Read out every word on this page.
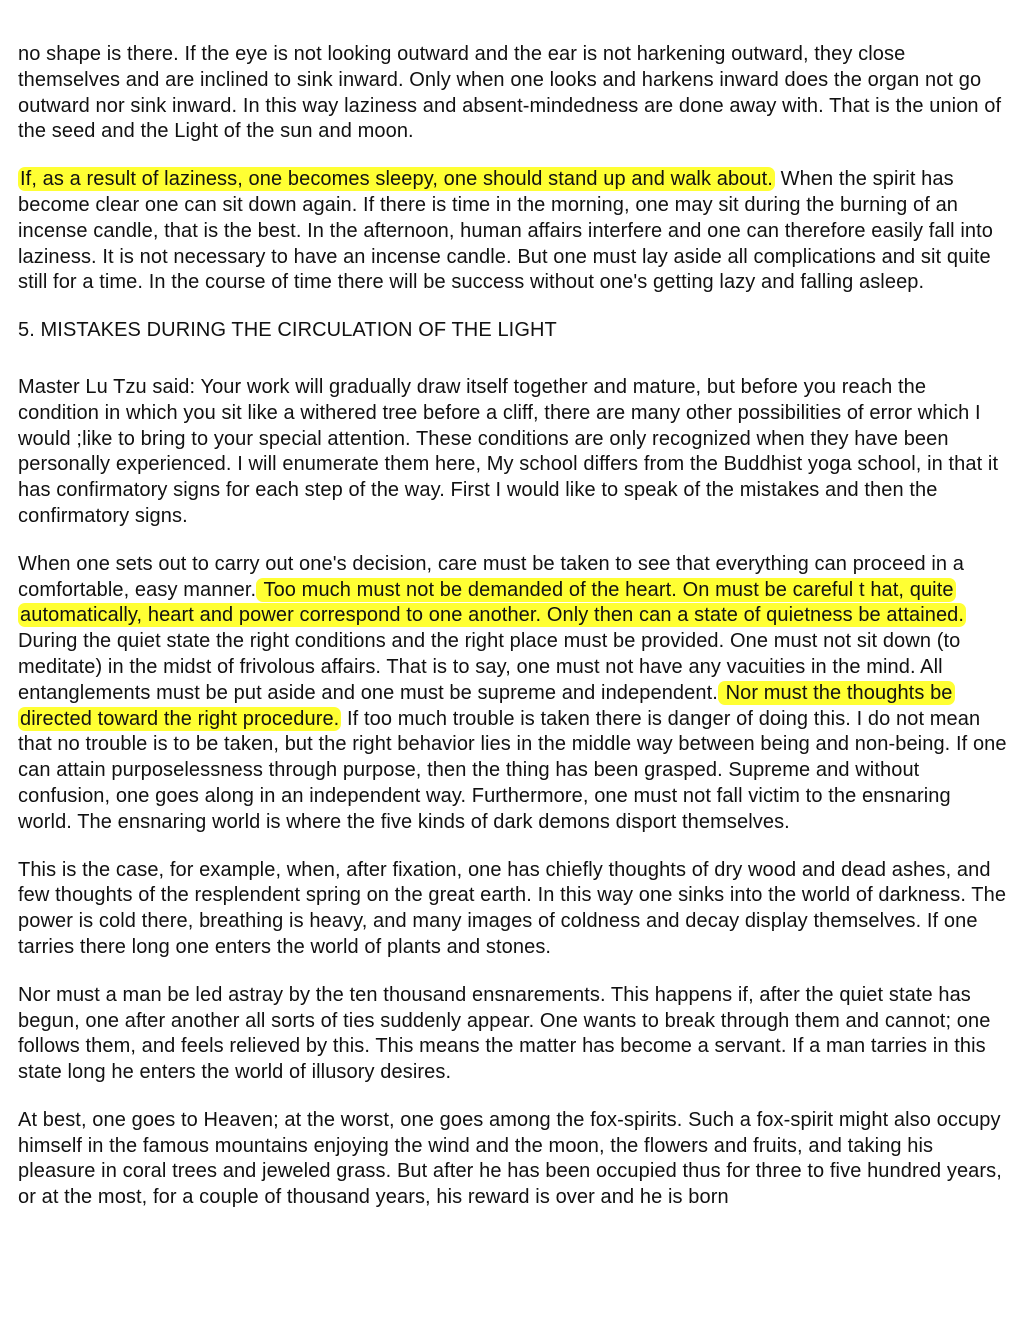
no shape is there. If the eye is not looking outward and the ear is not harkening outward, they close themselves and are inclined to sink inward. Only when one looks and harkens inward does the organ not go outward nor sink inward. In this way laziness and absent-mindedness are done away with. That is the union of the seed and the Light of the sun and moon.

If, as a result of laziness, one becomes sleepy, one should stand up and walk about. When the spirit has become clear one can sit down again. If there is time in the morning, one may sit during the burning of an incense candle, that is the best. In the afternoon, human affairs interfere and one can therefore easily fall into laziness. It is not necessary to have an incense candle. But one must lay aside all complications and sit quite still for a time. In the course of time there will be success without one's getting lazy and falling asleep.

5. MISTAKES DURING THE CIRCULATION OF THE LIGHT

Master Lu Tzu said: Your work will gradually draw itself together and mature, but before you reach the condition in which you sit like a withered tree before a cliff, there are many other possibilities of error which I would ;like to bring to your special attention. These conditions are only recognized when they have been personally experienced. I will enumerate them here, My school differs from the Buddhist yoga school, in that it has confirmatory signs for each step of the way. First I would like to speak of the mistakes and then the confirmatory signs.

When one sets out to carry out one's decision, care must be taken to see that everything can proceed in a comfortable, easy manner. Too much must not be demanded of the heart. On must be careful t hat, quite automatically, heart and power correspond to one another. Only then can a state of quietness be attained. During the quiet state the right conditions and the right place must be provided. One must not sit down (to meditate) in the midst of frivolous affairs. That is to say, one must not have any vacuities in the mind. All entanglements must be put aside and one must be supreme and independent. Nor must the thoughts be directed toward the right procedure. If too much trouble is taken there is danger of doing this. I do not mean that no trouble is to be taken, but the right behavior lies in the middle way between being and non-being. If one can attain purposelessness through purpose, then the thing has been grasped. Supreme and without confusion, one goes along in an independent way. Furthermore, one must not fall victim to the ensnaring world. The ensnaring world is where the five kinds of dark demons disport themselves.

This is the case, for example, when, after fixation, one has chiefly thoughts of dry wood and dead ashes, and few thoughts of the resplendent spring on the great earth. In this way one sinks into the world of darkness. The power is cold there, breathing is heavy, and many images of coldness and decay display themselves. If one tarries there long one enters the world of plants and stones.

Nor must a man be led astray by the ten thousand ensnarements. This happens if, after the quiet state has begun, one after another all sorts of ties suddenly appear. One wants to break through them and cannot; one follows them, and feels relieved by this. This means the matter has become a servant. If a man tarries in this state long he enters the world of illusory desires.

At best, one goes to Heaven; at the worst, one goes among the fox-spirits. Such a fox-spirit might also occupy himself in the famous mountains enjoying the wind and the moon, the flowers and fruits, and taking his pleasure in coral trees and jeweled grass. But after he has been occupied thus for three to five hundred years, or at the most, for a couple of thousand years, his reward is over and he is born
